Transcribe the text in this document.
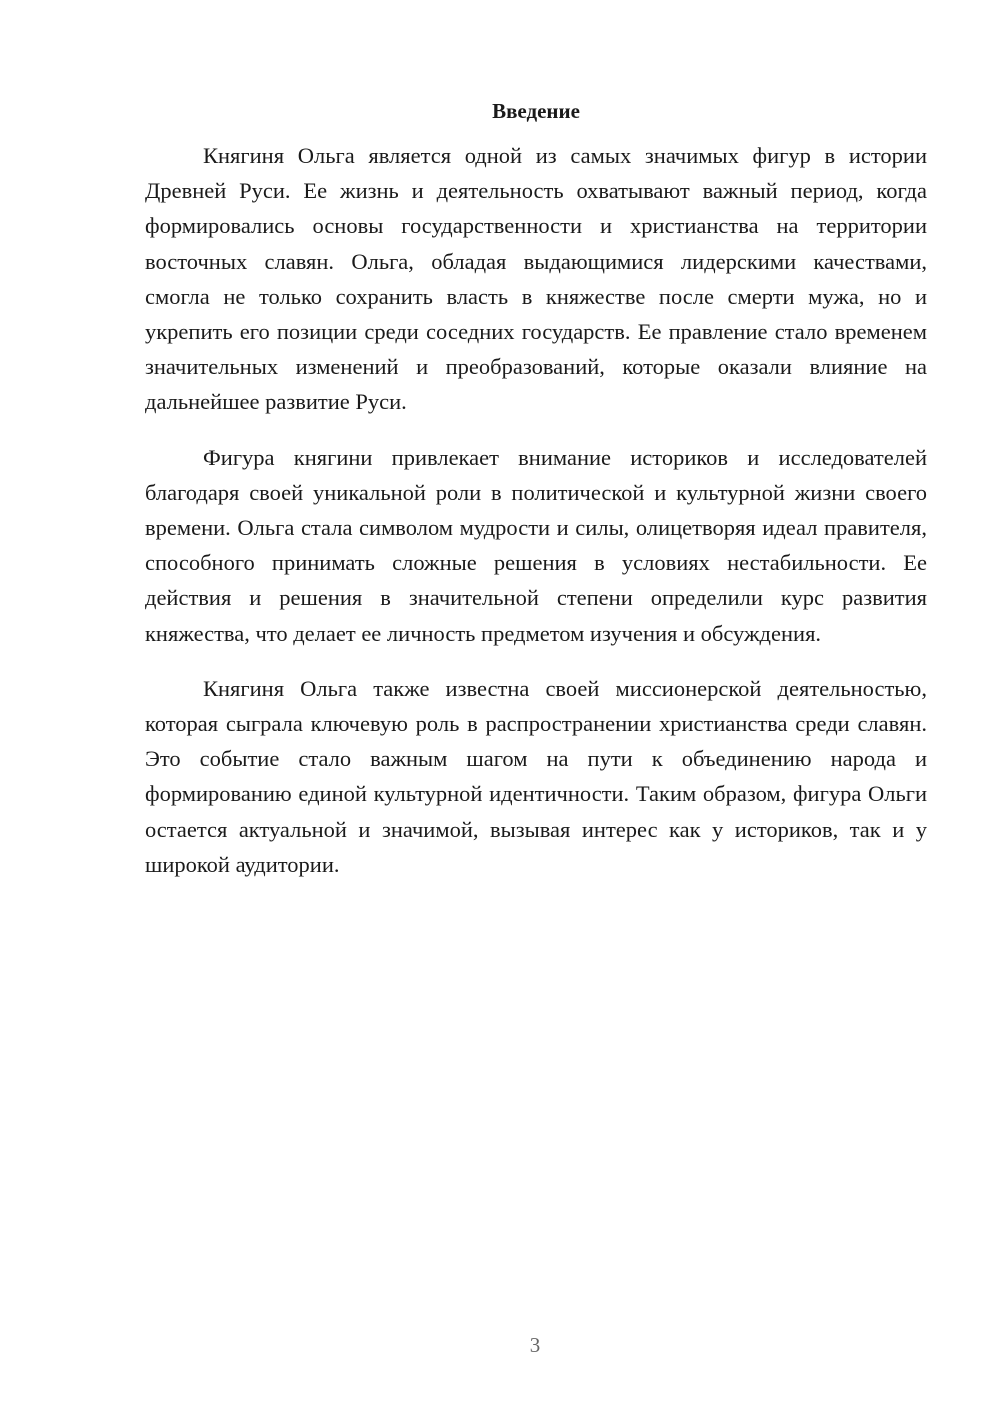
Введение

Княгиня Ольга является одной из самых значимых фигур в истории Древней Руси. Ее жизнь и деятельность охватывают важный период, когда формировались основы государственности и христианства на территории восточных славян. Ольга, обладая выдающимися лидерскими качествами, смогла не только сохранить власть в княжестве после смерти мужа, но и укрепить его позиции среди соседних государств. Ее правление стало временем значительных изменений и преобразований, которые оказали влияние на дальнейшее развитие Руси.

Фигура княгини привлекает внимание историков и исследователей благодаря своей уникальной роли в политической и культурной жизни своего времени. Ольга стала символом мудрости и силы, олицетворяя идеал правителя, способного принимать сложные решения в условиях нестабильности. Ее действия и решения в значительной степени определили курс развития княжества, что делает ее личность предметом изучения и обсуждения.

Княгиня Ольга также известна своей миссионерской деятельностью, которая сыграла ключевую роль в распространении христианства среди славян. Это событие стало важным шагом на пути к объединению народа и формированию единой культурной идентичности. Таким образом, фигура Ольги остается актуальной и значимой, вызывая интерес как у историков, так и у широкой аудитории.

3
